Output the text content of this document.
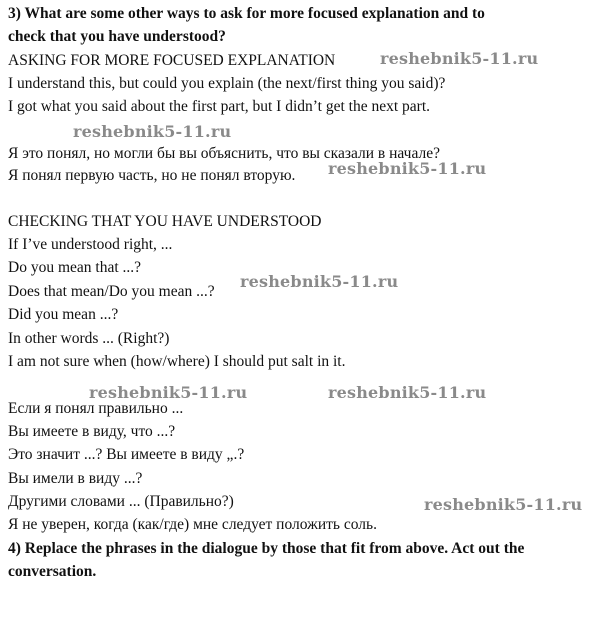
3) What are some other ways to ask for more focused explanation and to
check that you have understood?
ASKING FOR MORE FOCUSED EXPLANATION
I understand this, but could you explain (the next/first thing you said)?
I got what you said about the first part, but I didn’t get the next part.
Я это понял, но могли бы вы объяснить, что вы сказали в начале?
Я понял первую часть, но не понял вторую.
CHECKING THAT YOU HAVE UNDERSTOOD
If I’ve understood right, ...
Do you mean that ...?
Does that mean/Do you mean ...?
Did you mean ...?
In other words ... (Right?)
I am not sure when (how/where) I should put salt in it.
Если я понял правильно ...
Вы имеете в виду, что ...?
Это значит ...? Вы имеете в виду „.?
Вы имели в виду ...?
Другими словами ... (Правильно?)
Я не уверен, когда (как/где) мне следует положить соль.
4) Replace the phrases in the dialogue by those that fit from above. Act out the
conversation.
reshebnik5-11.ru
reshebnik5-11.ru
reshebnik5-11.ru
reshebnik5-11.ru
reshebnik5-11.ru	reshebnik5-11.ru
reshebnik5-11.ru
